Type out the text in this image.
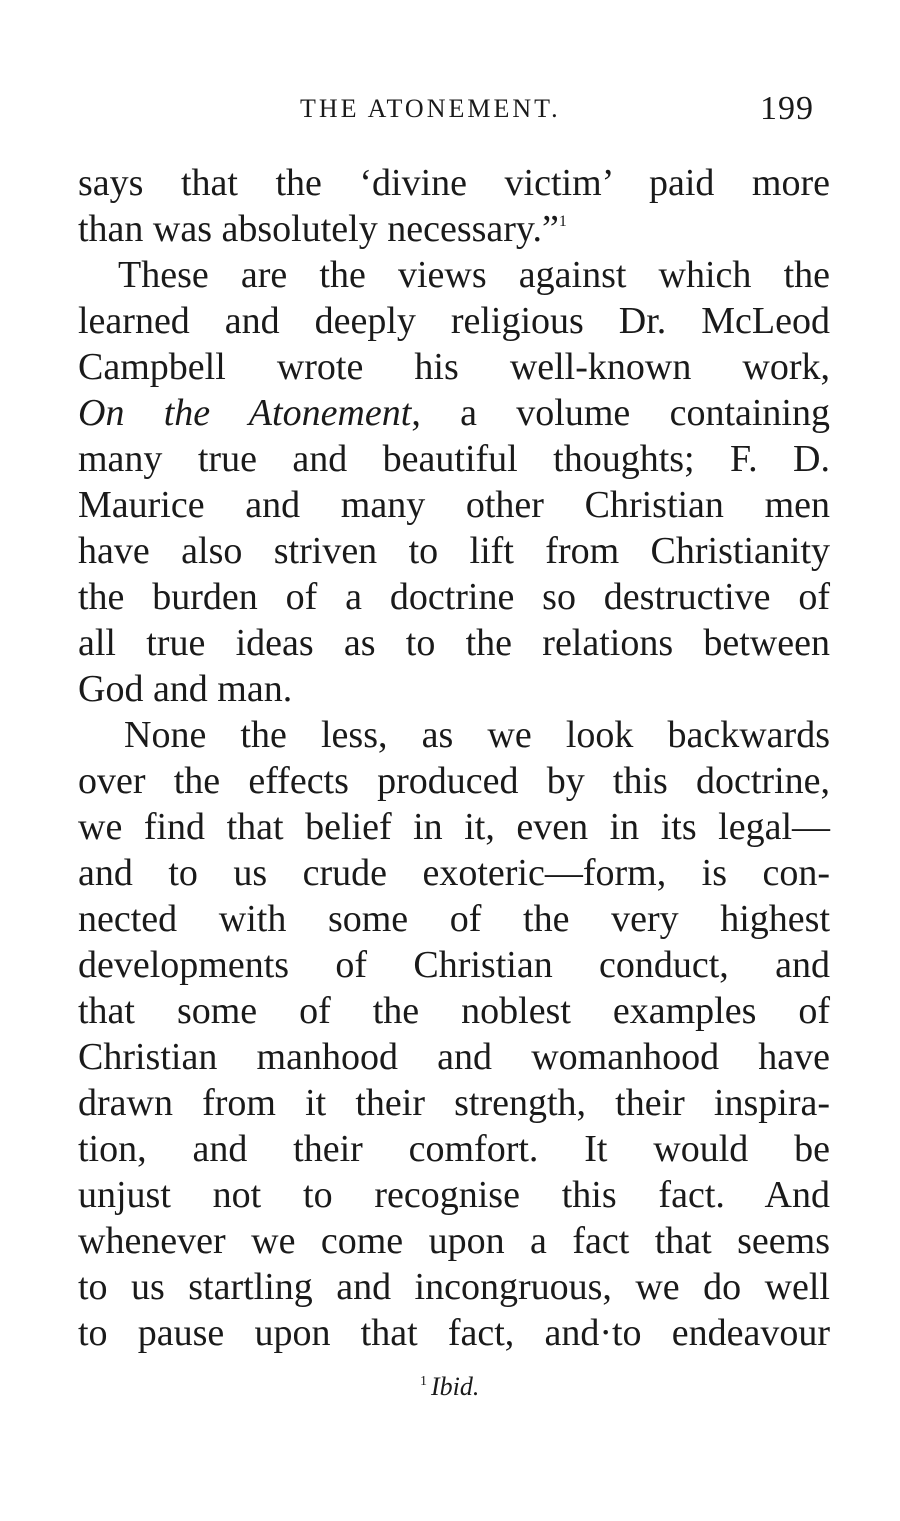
THE ATONEMENT.	199
says that the ‘divine victim’ paid more
than was absolutely necessary.”$^1$
These are the views against which the
learned and deeply religious Dr. McLeod
Campbell wrote his well-known work,
On the Atonement, a volume containing
many true and beautiful thoughts; F. D.
Maurice and many other Christian men
have also striven to lift from Christianity
the burden of a doctrine so destructive of
all true ideas as to the relations between
God and man.
None the less, as we look backwards
over the effects produced by this doctrine,
we find that belief in it, even in its legal—
and to us crude exoteric—form, is con-
nected with some of the very highest
developments of Christian conduct, and
that some of the noblest examples of
Christian manhood and womanhood have
drawn from it their strength, their inspira-
tion, and their comfort. It would be
unjust not to recognise this fact. And
whenever we come upon a fact that seems
to us startling and incongruous, we do well
to pause upon that fact, and·to endeavour
$^1$ Ibid.
